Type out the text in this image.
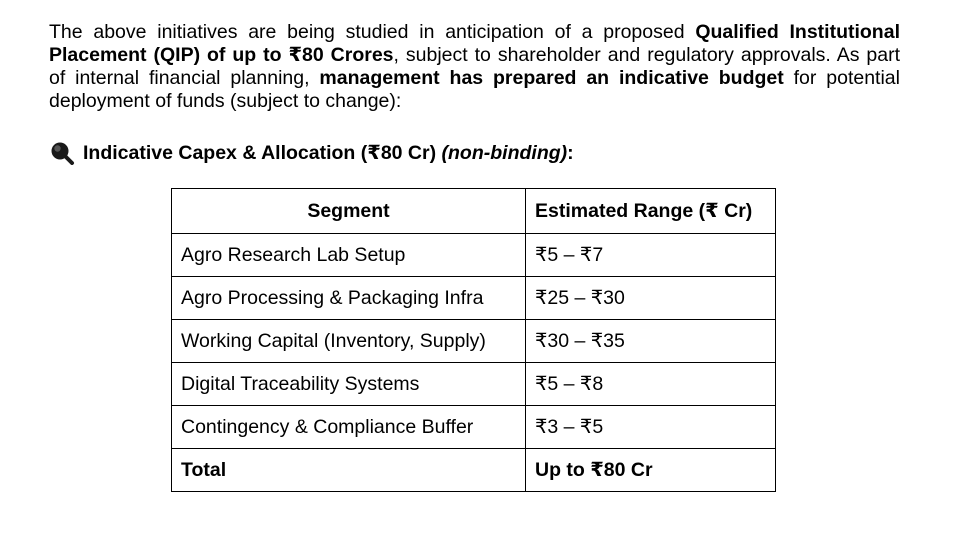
The above initiatives are being studied in anticipation of a proposed Qualified Institutional Placement (QIP) of up to ₹80 Crores, subject to shareholder and regulatory approvals. As part of internal financial planning, management has prepared an indicative budget for potential deployment of funds (subject to change):

Indicative Capex & Allocation (₹80 Cr)
(non-binding) :
Segment	Estimated Range (₹ Cr)
Agro Research Lab Setup	₹5 – ₹7
Agro Processing & Packaging Infra	₹25 – ₹30
Working Capital (Inventory, Supply)	₹30 – ₹35
Digital Traceability Systems	₹5 – ₹8
Contingency & Compliance Buffer	₹3 – ₹5
Total	Up to ₹80 Cr
